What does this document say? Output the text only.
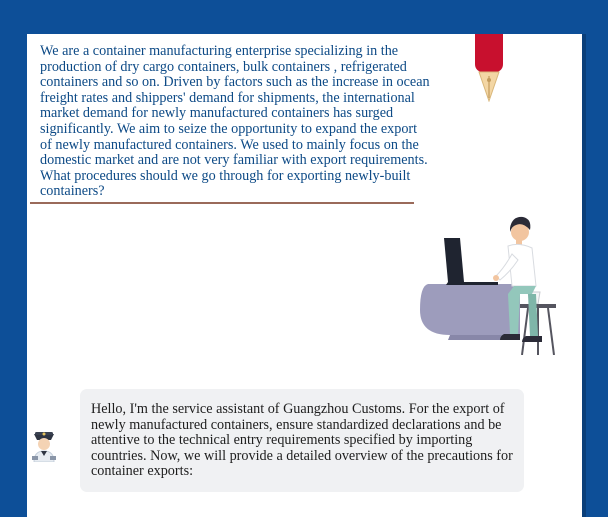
We are a container manufacturing enterprise specializing in the production of dry cargo containers, bulk containers , refrigerated containers and so on. Driven by factors such as the increase in ocean freight rates and shippers' demand for shipments, the international market demand for newly manufactured containers has surged significantly. We aim to seize the opportunity to expand the export of newly manufactured containers. We used to mainly focus on the domestic market and are not very familiar with export requirements. What procedures should we go through for exporting newly-built containers?

Hello, I'm the service assistant of Guangzhou Customs. For the export of newly manufactured containers, ensure standardized declarations and be attentive to the technical entry requirements specified by importing countries. Now, we will provide a detailed overview of the precautions for container exports:
